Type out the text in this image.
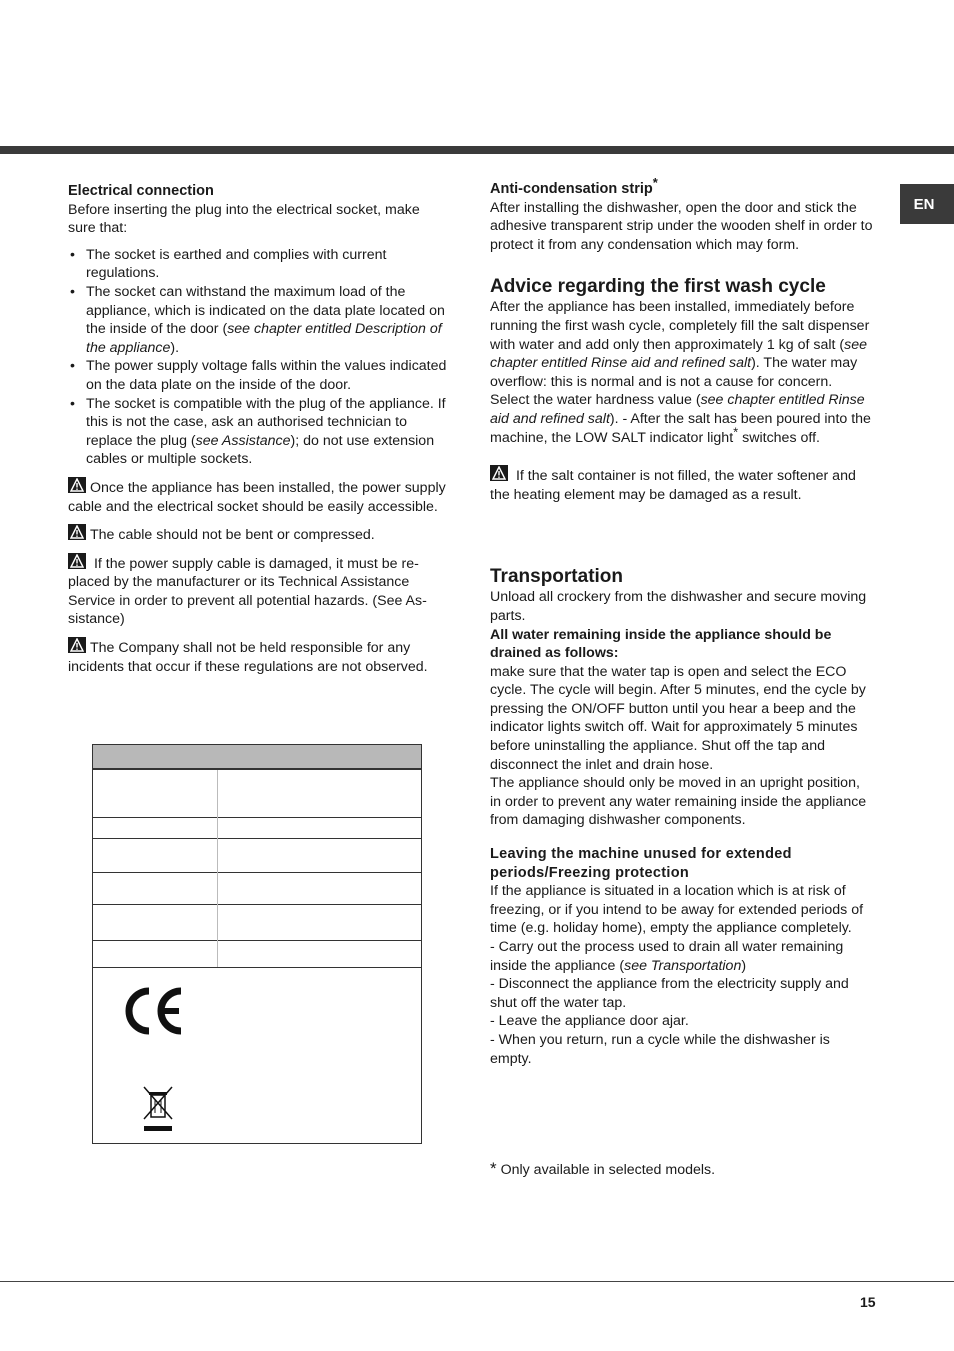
EN

Electrical connection

Before inserting the plug into the electrical socket, make sure that:

• The socket is earthed and complies with current regulations.
• The socket can withstand the maximum load of the appliance, which is indicated on the data plate located on the inside of the door (see chapter entitled Description of the appliance).
• The power supply voltage falls within the values indicated on the data plate on the inside of the door.
• The socket is compatible with the plug of the appliance. If this is not the case, ask an authorised technician to replace the plug (see Assistance); do not use extension cables or multiple sockets.

Once the appliance has been installed, the power supply cable and the electrical socket should be easily accessible.

The cable should not be bent or compressed.

If the power supply cable is damaged, it must be re-placed by the manufacturer or its Technical Assistance Service in order to prevent all potential hazards. (See As-sistance)

The Company shall not be held responsible for any incidents that occur if these regulations are not observed.

Anti-condensation strip*

After installing the dishwasher, open the door and stick the adhesive transparent strip under the wooden shelf in order to protect it from any condensation which may form.

Advice regarding the first wash cycle

After the appliance has been installed, immediately before running the first wash cycle, completely fill the salt dispenser with water and add only then approximately 1 kg of salt (see chapter entitled Rinse aid and refined salt). The water may overflow: this is normal and is not a cause for concern. Select the water hardness value (see chapter entitled Rinse aid and refined salt). - After the salt has been poured into the machine, the LOW SALT indicator light* switches off.

If the salt container is not filled, the water softener and the heating element may be damaged as a result.

Transportation

Unload all crockery from the dishwasher and secure moving parts.

All water remaining inside the appliance should be drained as follows:

make sure that the water tap is open and select the ECO cycle. The cycle will begin. After 5 minutes, end the cycle by pressing the ON/OFF button until you hear a beep and the indicator lights switch off. Wait for approximately 5 minutes before uninstalling the appliance. Shut off the tap and disconnect the inlet and drain hose.

The appliance should only be moved in an upright position, in order to prevent any water remaining inside the appliance from damaging dishwasher components.

Leaving the machine unused for extended periods/Freezing protection

If the appliance is situated in a location which is at risk of freezing, or if you intend to be away for extended periods of time (e.g. holiday home), empty the appliance completely.

- Carry out the process used to drain all water remaining inside the appliance (see Transportation)

- Disconnect the appliance from the electricity supply and shut off the water tap.

- Leave the appliance door ajar.

- When you return, run a cycle while the dishwasher is empty.

* Only available in selected models.

15
